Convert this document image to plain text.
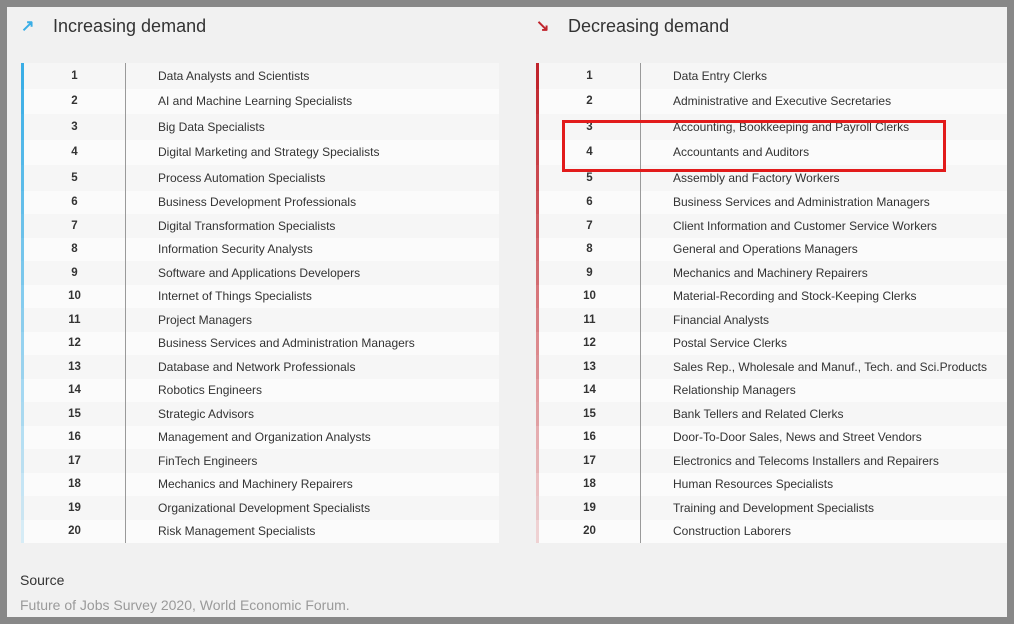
↗ Increasing demand
1	Data Analysts and Scientists
2	AI and Machine Learning Specialists
3	Big Data Specialists
4	Digital Marketing and Strategy Specialists
5	Process Automation Specialists
6	Business Development Professionals
7	Digital Transformation Specialists
8	Information Security Analysts
9	Software and Applications Developers
10	Internet of Things Specialists
11	Project Managers
12	Business Services and Administration Managers
13	Database and Network Professionals
14	Robotics Engineers
15	Strategic Advisors
16	Management and Organization Analysts
17	FinTech Engineers
18	Mechanics and Machinery Repairers
19	Organizational Development Specialists
20	Risk Management Specialists
↘ Decreasing demand
1	Data Entry Clerks
2	Administrative and Executive Secretaries
3	Accounting, Bookkeeping and Payroll Clerks
4	Accountants and Auditors
5	Assembly and Factory Workers
6	Business Services and Administration Managers
7	Client Information and Customer Service Workers
8	General and Operations Managers
9	Mechanics and Machinery Repairers
10	Material-Recording and Stock-Keeping Clerks
11	Financial Analysts
12	Postal Service Clerks
13	Sales Rep., Wholesale and Manuf., Tech. and Sci.Products
14	Relationship Managers
15	Bank Tellers and Related Clerks
16	Door-To-Door Sales, News and Street Vendors
17	Electronics and Telecoms Installers and Repairers
18	Human Resources Specialists
19	Training and Development Specialists
20	Construction Laborers
Source
Future of Jobs Survey 2020, World Economic Forum.
